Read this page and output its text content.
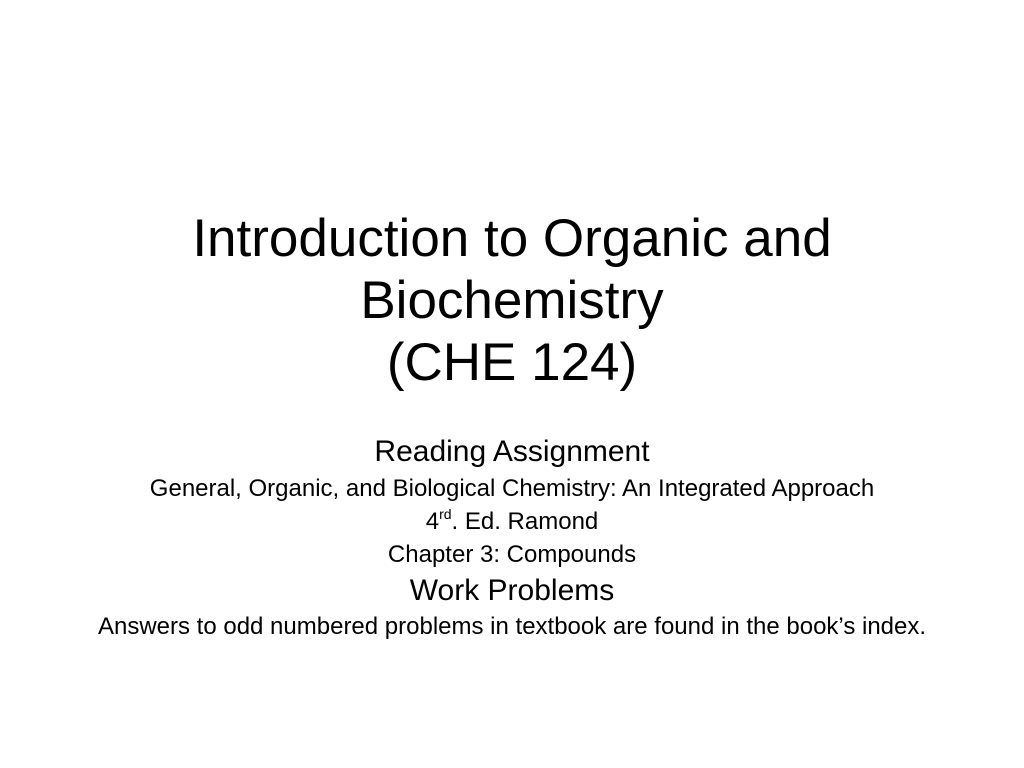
Introduction to Organic and
Biochemistry
(CHE 124)
Reading Assignment
General, Organic, and Biological Chemistry: An Integrated Approach
4rd. Ed. Ramond
Chapter 3: Compounds
Work Problems
Answers to odd numbered problems in textbook are found in the book’s index.
